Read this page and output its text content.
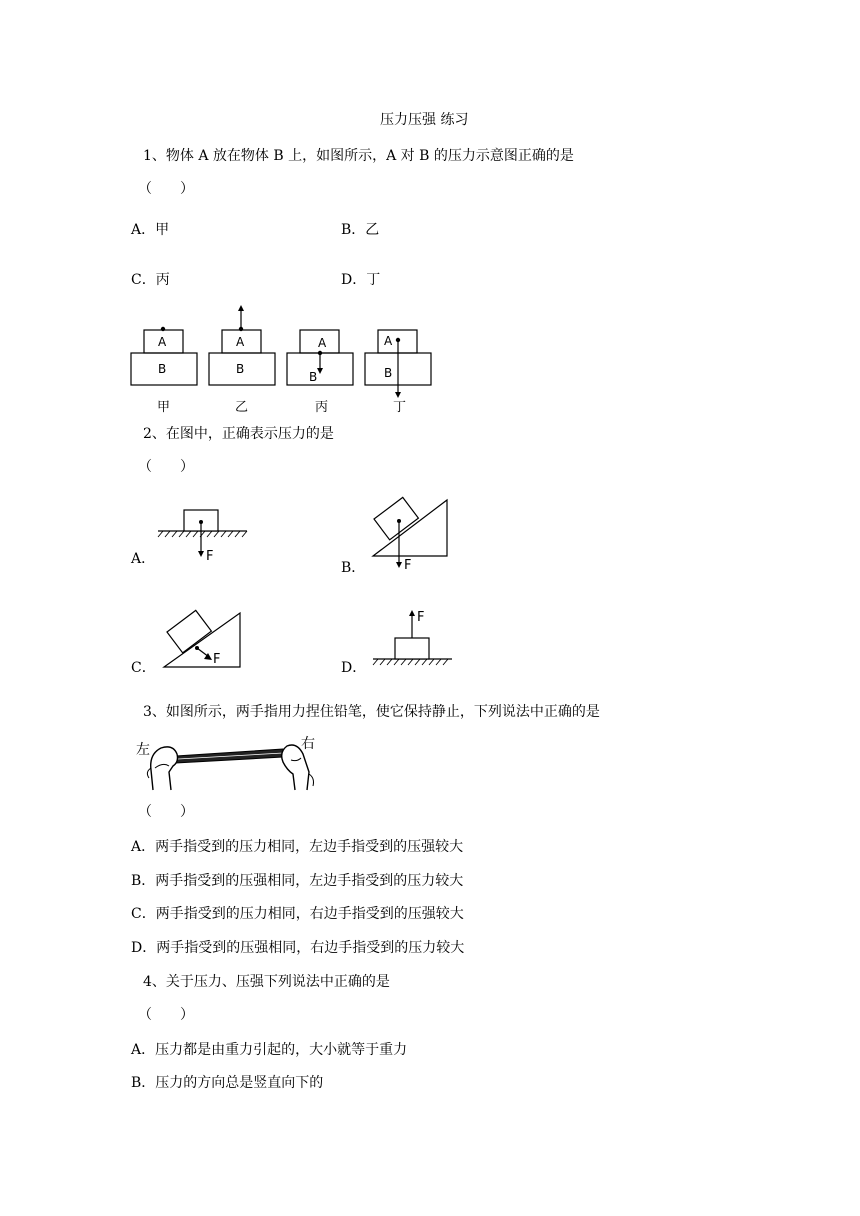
压力压强 练习
1、物体 A 放在物体 B 上，如图所示，A 对 B 的压力示意图正确的是
（　　）
A．甲	B．乙
C．丙	D．丁
A
B
A
B
A
B
A
B
甲	乙	丙	丁
2、在图中，正确表示压力的是
（　　）
A．	F
B．	F
C．
F
D．
F
3、如图所示，两手指用力捏住铅笔，使它保持静止，下列说法中正确的是
左	右
（　　）
A．两手指受到的压力相同，左边手指受到的压强较大
B．两手指受到的压强相同，左边手指受到的压力较大
C．两手指受到的压力相同，右边手指受到的压强较大
D．两手指受到的压强相同，右边手指受到的压力较大
4、关于压力、压强下列说法中正确的是
（　　）
A．压力都是由重力引起的，大小就等于重力
B．压力的方向总是竖直向下的
